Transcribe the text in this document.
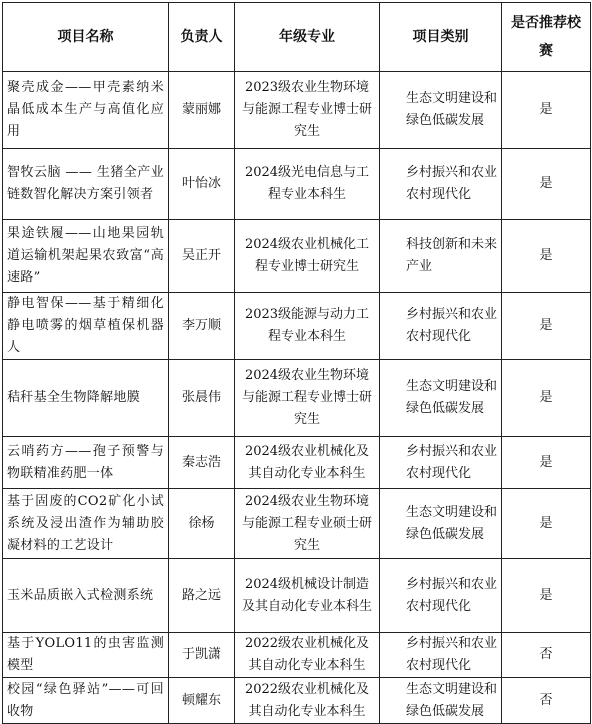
项目名称	负责人	年级专业	项目类别	是否推荐校赛
聚壳成金——甲壳素纳米晶低成本生产与高值化应用	蒙丽娜	2023级农业生物环境与能源工程专业博士研究生	生态文明建设和绿色低碳发展	是
智牧云脑 —— 生猪全产业链数智化解决方案引领者	叶怡冰	2024级光电信息与工程专业本科生	乡村振兴和农业农村现代化	是
果途铁履——山地果园轨道运输机架起果农致富“高速路”	吴正开	2024级农业机械化工程专业博士研究生	科技创新和未来产业	是
静电智保——基于精细化静电喷雾的烟草植保机器人	李万顺	2023级能源与动力工程专业本科生	乡村振兴和农业农村现代化	是
秸秆基全生物降解地膜	张晨伟	2024级农业生物环境与能源工程专业博士研究生	生态文明建设和绿色低碳发展	是
云哨药方——孢子预警与物联精准药肥一体	秦志浩	2024级农业机械化及其自动化专业本科生	乡村振兴和农业农村现代化	是
基于固废的CO2矿化小试系统及浸出渣作为辅助胶凝材料的工艺设计	徐杨	2024级农业生物环境与能源工程专业硕士研究生	生态文明建设和绿色低碳发展	是
玉米品质嵌入式检测系统	路之远	2024级机械设计制造及其自动化专业本科生	乡村振兴和农业农村现代化	是
基于YOLO11的虫害监测模型	于凯潇	2022级农业机械化及其自动化专业本科生	乡村振兴和农业农村现代化	否
校园“绿色驿站”——可回收物	顿耀东	2022级农业机械化及其自动化专业本科生	生态文明建设和绿色低碳发展	否
